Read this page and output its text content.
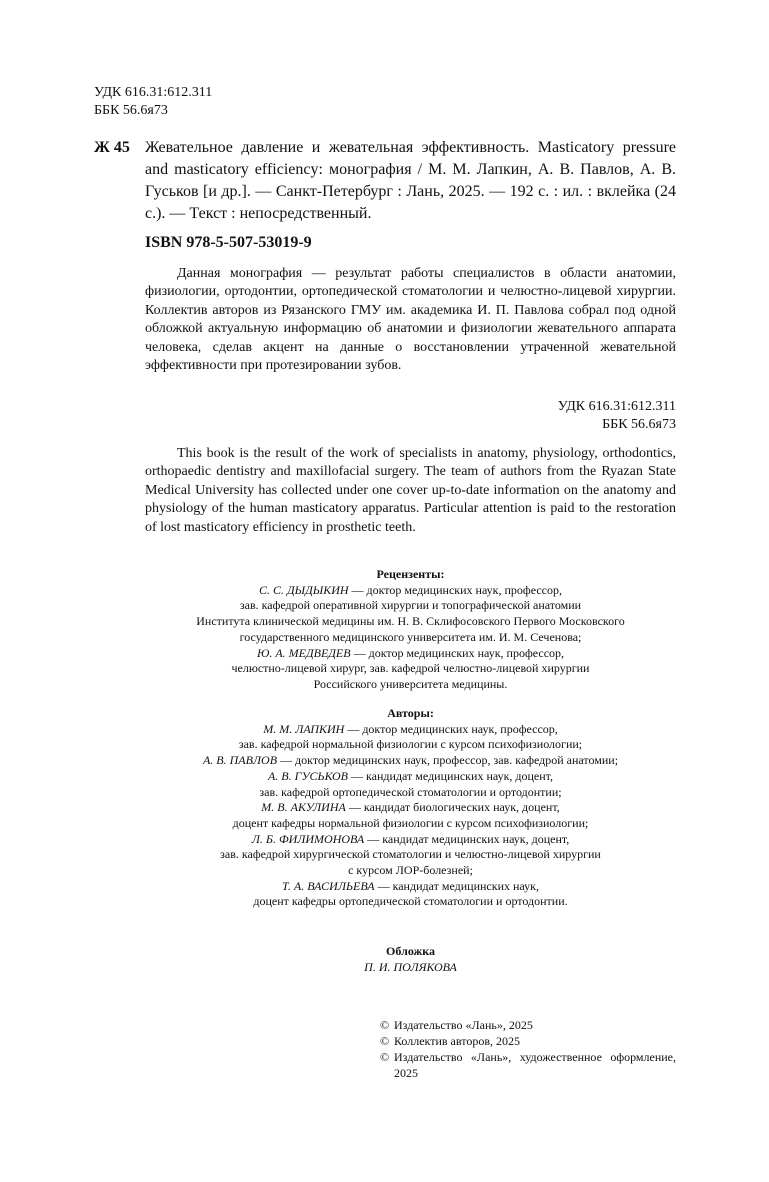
УДК 616.31:612.311
ББК 56.6я73
Ж 45 Жевательное давление и жевательная эффективность. Masticatory pressure and masticatory efficiency: монография / М. М. Лапкин, А. В. Павлов, А. В. Гуськов [и др.]. — Санкт-Петербург : Лань, 2025. — 192 с. : ил. : вклейка (24 с.). — Текст : непосредственный.
ISBN 978-5-507-53019-9
Данная монография — результат работы специалистов в области анатомии, физиологии, ортодонтии, ортопедической стоматологии и челюстно-лицевой хирургии. Коллектив авторов из Рязанского ГМУ им. академика И. П. Павлова собрал под одной обложкой актуальную информацию об анатомии и физиологии жевательного аппарата человека, сделав акцент на данные о восстановлении утраченной жевательной эффективности при протезировании зубов.
УДК 616.31:612.311
ББК 56.6я73
This book is the result of the work of specialists in anatomy, physiology, orthodontics, orthopaedic dentistry and maxillofacial surgery. The team of authors from the Ryazan State Medical University has collected under one cover up-to-date information on the anatomy and physiology of the human masticatory apparatus. Particular attention is paid to the restoration of lost masticatory efficiency in prosthetic teeth.
Рецензенты:
С. С. ДЫДЫКИН — доктор медицинских наук, профессор,
зав. кафедрой оперативной хирургии и топографической анатомии
Института клинической медицины им. Н. В. Склифосовского Первого Московского
государственного медицинского университета им. И. М. Сеченова;
Ю. А. МЕДВЕДЕВ — доктор медицинских наук, профессор,
челюстно-лицевой хирург, зав. кафедрой челюстно-лицевой хирургии
Российского университета медицины.
Авторы:
М. М. ЛАПКИН — доктор медицинских наук, профессор,
зав. кафедрой нормальной физиологии с курсом психофизиологии;
А. В. ПАВЛОВ — доктор медицинских наук, профессор, зав. кафедрой анатомии;
А. В. ГУСЬКОВ — кандидат медицинских наук, доцент,
зав. кафедрой ортопедической стоматологии и ортодонтии;
М. В. АКУЛИНА — кандидат биологических наук, доцент,
доцент кафедры нормальной физиологии с курсом психофизиологии;
Л. Б. ФИЛИМОНОВА — кандидат медицинских наук, доцент,
зав. кафедрой хирургической стоматологии и челюстно-лицевой хирургии
с курсом ЛОР-болезней;
Т. А. ВАСИЛЬЕВА — кандидат медицинских наук,
доцент кафедры ортопедической стоматологии и ортодонтии.
Обложка
П. И. ПОЛЯКОВА
© Издательство «Лань», 2025
© Коллектив авторов, 2025
© Издательство «Лань», художественное оформление, 2025
